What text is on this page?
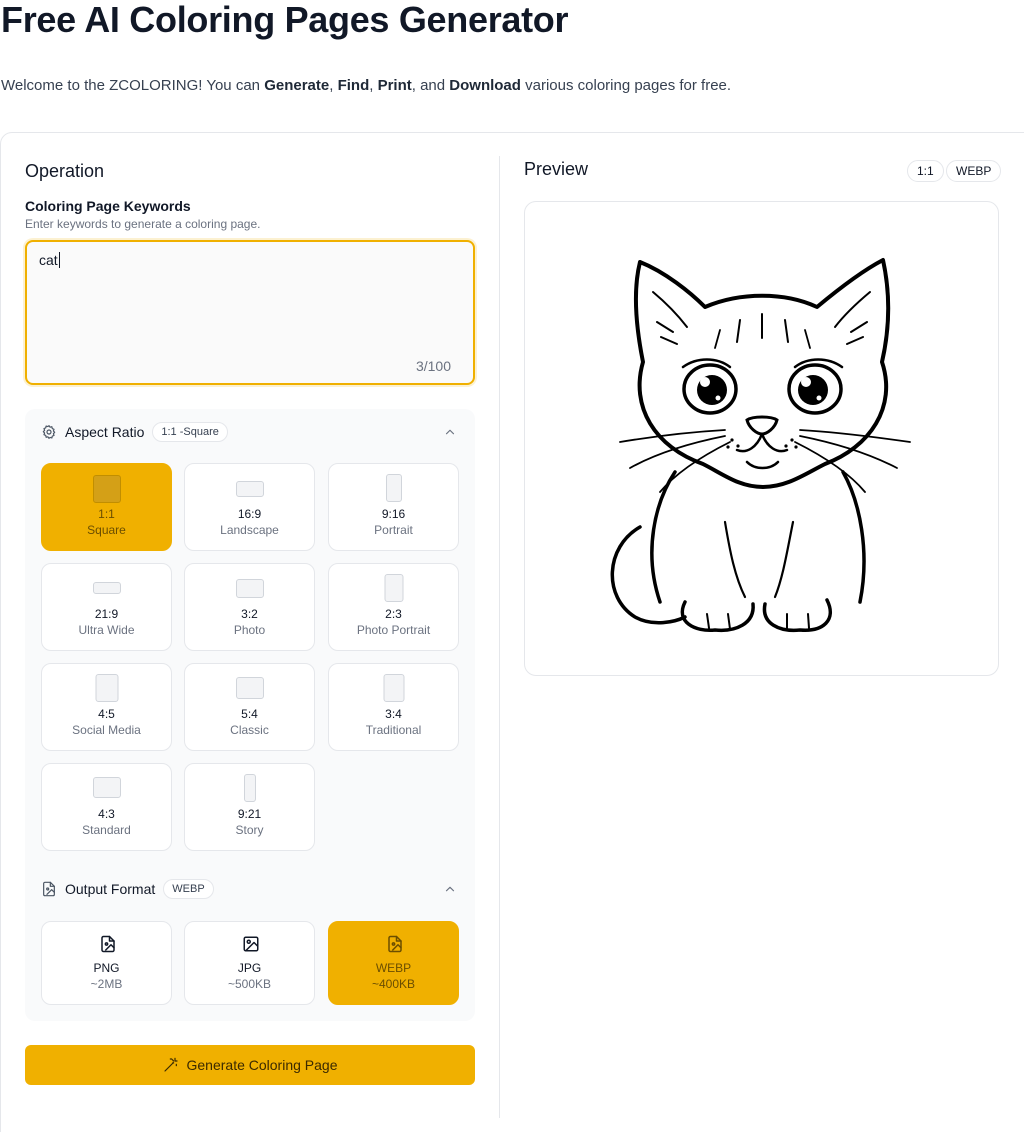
Free AI Coloring Pages Generator

Welcome to the ZCOLORING! You can Generate, Find, Print, and Download various coloring pages for free.

Operation
Coloring Page Keywords
Enter keywords to generate a coloring page.
cat
3/100
Aspect Ratio	1:1 -Square
1:1
Square
16:9
Landscape
9:16
Portrait
21:9
Ultra Wide
3:2
Photo
2:3
Photo Portrait
4:5
Social Media
5:4
Classic
3:4
Traditional
4:3
Standard
9:21
Story
Output Format	WEBP
PNG
~2MB
JPG
~500KB
WEBP
~400KB
Generate Coloring Page
Preview	1:1	WEBP
